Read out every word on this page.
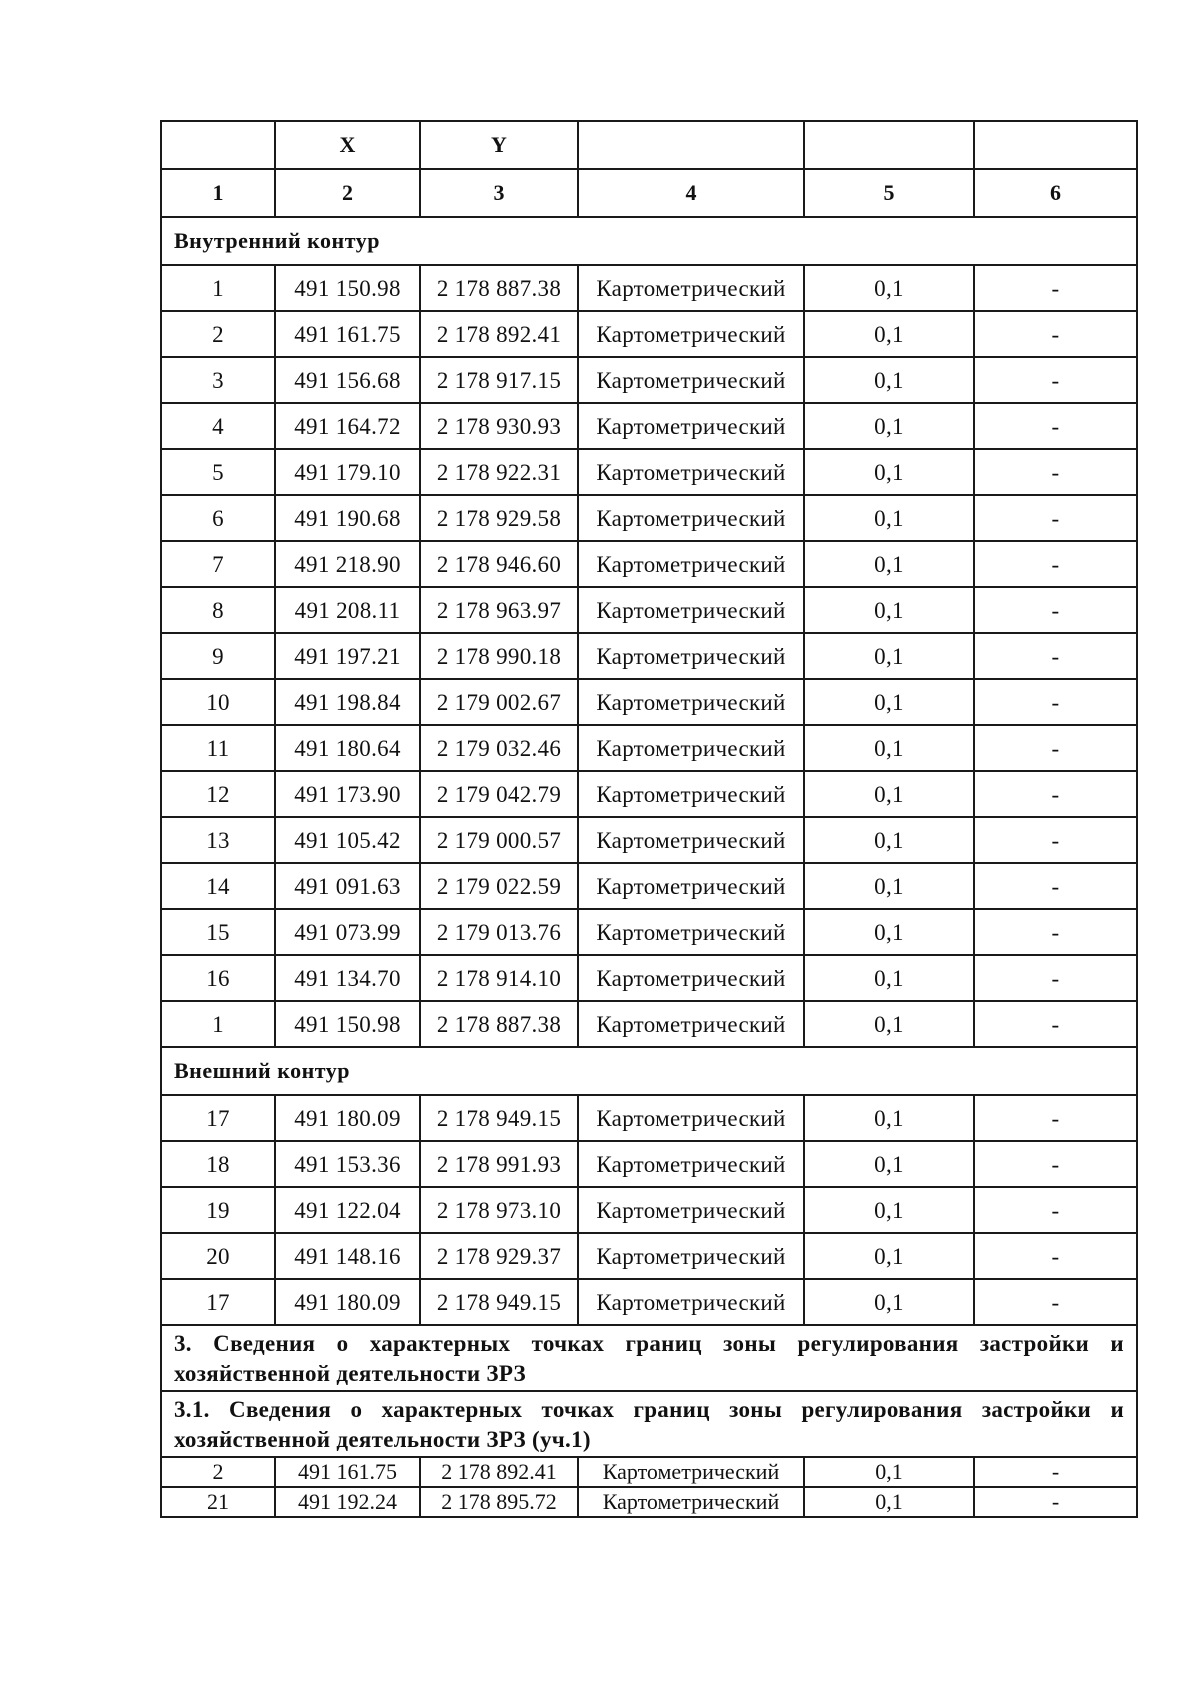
	X	Y			
1	2	3	4	5	6
Внутренний контур					
1	491 150.98	2 178 887.38	Картометрический	0,1	-
2	491 161.75	2 178 892.41	Картометрический	0,1	-
3	491 156.68	2 178 917.15	Картометрический	0,1	-
4	491 164.72	2 178 930.93	Картометрический	0,1	-
5	491 179.10	2 178 922.31	Картометрический	0,1	-
6	491 190.68	2 178 929.58	Картометрический	0,1	-
7	491 218.90	2 178 946.60	Картометрический	0,1	-
8	491 208.11	2 178 963.97	Картометрический	0,1	-
9	491 197.21	2 178 990.18	Картометрический	0,1	-
10	491 198.84	2 179 002.67	Картометрический	0,1	-
11	491 180.64	2 179 032.46	Картометрический	0,1	-
12	491 173.90	2 179 042.79	Картометрический	0,1	-
13	491 105.42	2 179 000.57	Картометрический	0,1	-
14	491 091.63	2 179 022.59	Картометрический	0,1	-
15	491 073.99	2 179 013.76	Картометрический	0,1	-
16	491 134.70	2 178 914.10	Картометрический	0,1	-
1	491 150.98	2 178 887.38	Картометрический	0,1	-
Внешний контур					
17	491 180.09	2 178 949.15	Картометрический	0,1	-
18	491 153.36	2 178 991.93	Картометрический	0,1	-
19	491 122.04	2 178 973.10	Картометрический	0,1	-
20	491 148.16	2 178 929.37	Картометрический	0,1	-
17	491 180.09	2 178 949.15	Картометрический	0,1	-
3. Сведения о характерных точках границ зоны регулирования застройки и хозяйственной деятельности ЗРЗ					
3.1. Сведения о характерных точках границ зоны регулирования застройки и хозяйственной деятельности ЗРЗ (уч.1)					
2	491 161.75	2 178 892.41	Картометрический	0,1	-
21	491 192.24	2 178 895.72	Картометрический	0,1	-
